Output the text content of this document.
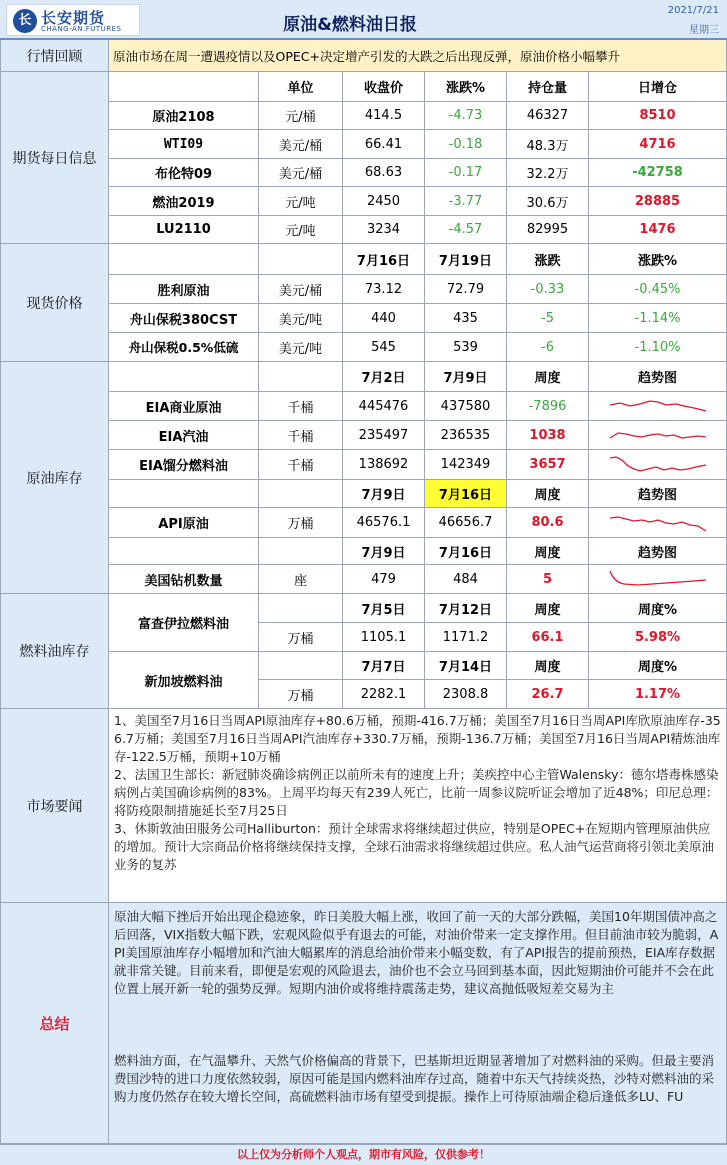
长 长安期货
CHANG-AN.FUTURES	原油&燃料油日报
2021/7/21
星期三
行情回顾	原油市场在周一遭遇疫情以及OPEC+决定增产引发的大跌之后出现反弹，原油价格小幅攀升
期货每日信息
单位	收盘价	涨跌%	持仓量	日增仓
原油2108	元/桶	414.5	-4.73	46327	8510
WTI09	美元/桶	66.41	-0.18	48.3万	4716
布伦特09	美元/桶	68.63	-0.17	32.2万	-42758
燃油2019	元/吨	2450	-3.77	30.6万	28885
LU2110	元/吨	3234	-4.57	82995	1476
现货价格
7月16日	7月19日	涨跌	涨跌%
胜利原油	美元/桶	73.12	72.79	-0.33	-0.45%
舟山保税380CST	美元/吨	440	435	-5	-1.14%
舟山保税0.5%低硫	美元/吨	545	539	-6	-1.10%
原油库存
7月2日	7月9日	周度	趋势图
EIA商业原油	千桶	445476	437580	-7896
EIA汽油	千桶	235497	236535	1038
EIA馏分燃料油	千桶	138692	142349	3657
7月9日	7月16日	周度	趋势图
API原油	万桶	46576.1	46656.7	80.6
7月9日	7月16日	周度	趋势图
美国钻机数量	座	479	484	5
燃料油库存
富查伊拉燃料油
7月5日	7月12日	周度	周度%
万桶	1105.1	1171.2	66.1	5.98%
新加坡燃料油
7月7日	7月14日	周度	周度%
万桶	2282.1	2308.8	26.7	1.17%
市场要闻
1、美国至7月16日当周API原油库存+80.6万桶，预期-416.7万桶；美国至7月16日当周API库欣原油库存-356.7万桶；美国至7月16日当周API汽油库存+330.7万桶，预期-136.7万桶；美国至7月16日当周API精炼油库存-122.5万桶，预期+10万桶
2、法国卫生部长：新冠肺炎确诊病例正以前所未有的速度上升；美疾控中心主管Walensky：德尔塔毒株感染病例占美国确诊病例的83%。上周平均每天有239人死亡，比前一周参议院听证会增加了近48%；印尼总理：将防疫限制措施延长至7月25日
3、休斯敦油田服务公司Halliburton：预计全球需求将继续超过供应，特别是OPEC+在短期内管理原油供应的增加。预计大宗商品价格将继续保持支撑，全球石油需求将继续超过供应。私人油气运营商将引领北美原油业务的复苏
总结
原油大幅下挫后开始出现企稳迹象，昨日美股大幅上涨，收回了前一天的大部分跌幅，美国10年期国债冲高之后回落，VIX指数大幅下跌，宏观风险似乎有退去的可能，对油价带来一定支撑作用。但目前油市较为脆弱，API美国原油库存小幅增加和汽油大幅累库的消息给油价带来小幅变数，有了API报告的提前预热，EIA库存数据就非常关键。目前来看，即便是宏观的风险退去，油价也不会立马回到基本面，因此短期油价可能并不会在此位置上展开新一轮的强势反弹。短期内油价或将维持震荡走势，建议高抛低吸短差交易为主
燃料油方面，在气温攀升、天然气价格偏高的背景下，巴基斯坦近期显著增加了对燃料油的采购。但最主要消费国沙特的进口力度依然较弱，原因可能是国内燃料油库存过高，随着中东天气持续炎热，沙特对燃料油的采购力度仍然存在较大增长空间，高硫燃料油市场有望受到提振。操作上可待原油端企稳后逢低多LU、FU
以上仅为分析师个人观点，期市有风险，仅供参考！
